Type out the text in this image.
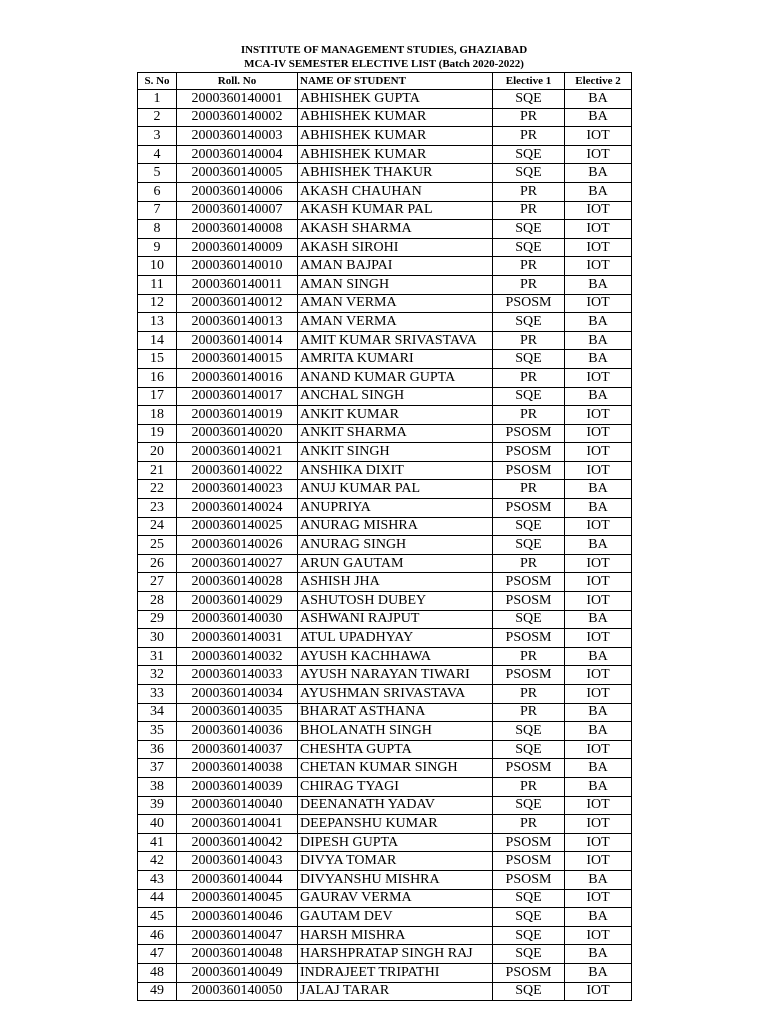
INSTITUTE OF MANAGEMENT STUDIES, GHAZIABAD
MCA-IV SEMESTER ELECTIVE LIST (Batch 2020-2022)
S. No	Roll. No	NAME OF STUDENT	Elective 1	Elective 2
1	2000360140001	ABHISHEK GUPTA	SQE	BA
2	2000360140002	ABHISHEK KUMAR	PR	BA
3	2000360140003	ABHISHEK KUMAR	PR	IOT
4	2000360140004	ABHISHEK KUMAR	SQE	IOT
5	2000360140005	ABHISHEK THAKUR	SQE	BA
6	2000360140006	AKASH CHAUHAN	PR	BA
7	2000360140007	AKASH KUMAR PAL	PR	IOT
8	2000360140008	AKASH SHARMA	SQE	IOT
9	2000360140009	AKASH SIROHI	SQE	IOT
10	2000360140010	AMAN BAJPAI	PR	IOT
11	2000360140011	AMAN SINGH	PR	BA
12	2000360140012	AMAN VERMA	PSOSM	IOT
13	2000360140013	AMAN VERMA	SQE	BA
14	2000360140014	AMIT KUMAR SRIVASTAVA	PR	BA
15	2000360140015	AMRITA KUMARI	SQE	BA
16	2000360140016	ANAND KUMAR GUPTA	PR	IOT
17	2000360140017	ANCHAL SINGH	SQE	BA
18	2000360140019	ANKIT KUMAR	PR	IOT
19	2000360140020	ANKIT SHARMA	PSOSM	IOT
20	2000360140021	ANKIT SINGH	PSOSM	IOT
21	2000360140022	ANSHIKA DIXIT	PSOSM	IOT
22	2000360140023	ANUJ KUMAR PAL	PR	BA
23	2000360140024	ANUPRIYA	PSOSM	BA
24	2000360140025	ANURAG MISHRA	SQE	IOT
25	2000360140026	ANURAG SINGH	SQE	BA
26	2000360140027	ARUN GAUTAM	PR	IOT
27	2000360140028	ASHISH JHA	PSOSM	IOT
28	2000360140029	ASHUTOSH DUBEY	PSOSM	IOT
29	2000360140030	ASHWANI RAJPUT	SQE	BA
30	2000360140031	ATUL UPADHYAY	PSOSM	IOT
31	2000360140032	AYUSH KACHHAWA	PR	BA
32	2000360140033	AYUSH NARAYAN TIWARI	PSOSM	IOT
33	2000360140034	AYUSHMAN SRIVASTAVA	PR	IOT
34	2000360140035	BHARAT ASTHANA	PR	BA
35	2000360140036	BHOLANATH SINGH	SQE	BA
36	2000360140037	CHESHTA GUPTA	SQE	IOT
37	2000360140038	CHETAN KUMAR SINGH	PSOSM	BA
38	2000360140039	CHIRAG TYAGI	PR	BA
39	2000360140040	DEENANATH YADAV	SQE	IOT
40	2000360140041	DEEPANSHU KUMAR	PR	IOT
41	2000360140042	DIPESH GUPTA	PSOSM	IOT
42	2000360140043	DIVYA TOMAR	PSOSM	IOT
43	2000360140044	DIVYANSHU MISHRA	PSOSM	BA
44	2000360140045	GAURAV VERMA	SQE	IOT
45	2000360140046	GAUTAM DEV	SQE	BA
46	2000360140047	HARSH MISHRA	SQE	IOT
47	2000360140048	HARSHPRATAP SINGH RAJ	SQE	BA
48	2000360140049	INDRAJEET TRIPATHI	PSOSM	BA
49	2000360140050	JALAJ TARAR	SQE	IOT
